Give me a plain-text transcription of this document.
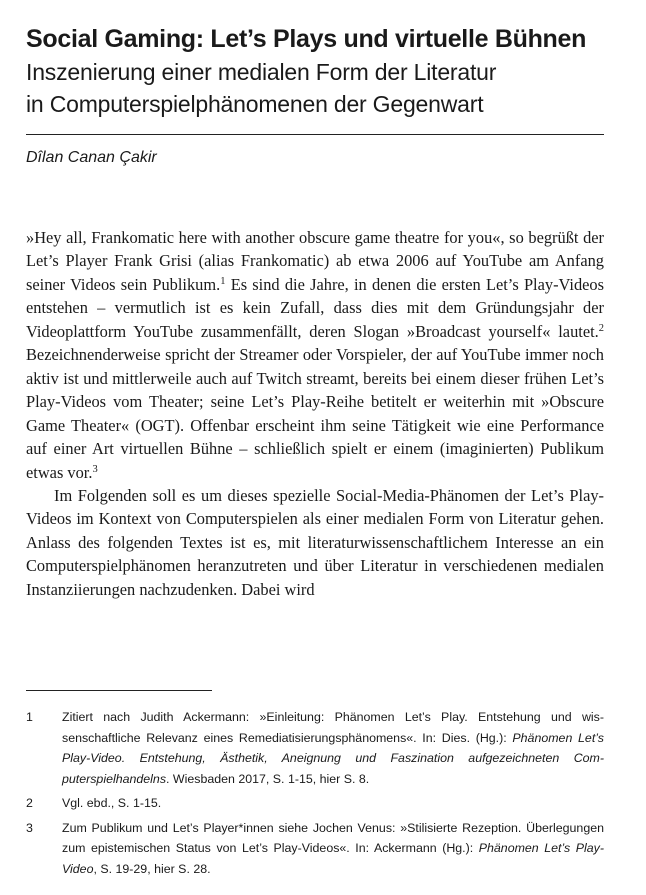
Social Gaming: Let’s Plays und virtuelle Bühnen
Inszenierung einer medialen Form der Literatur
in Computerspielphänomenen der Gegenwart
Dîlan Canan Çakir

»Hey all, Frankomatic here with another obscure game theatre for you«, so begrüßt der Let’s Player Frank Grisi (alias Frankomatic) ab etwa 2006 auf YouTube am Anfang seiner Videos sein Publikum.$^1$ Es sind die Jahre, in denen die ersten Let’s Play-Videos entstehen – vermutlich ist es kein Zufall, dass dies mit dem Gründungsjahr der Videoplattform YouTube zusammenfällt, deren Slogan »Broadcast yourself« lautet.$^2$ Bezeichnenderweise spricht der Streamer oder Vorspieler, der auf YouTube immer noch aktiv ist und mittlerweile auch auf Twitch streamt, bereits bei einem dieser frühen Let’s Play-Videos vom Theater; seine Let’s Play-Reihe betitelt er weiterhin mit »Obscure Game Theater« (OGT). Offenbar erscheint ihm seine Tätigkeit wie eine Performance auf einer Art virtuellen Bühne – schließlich spielt er einem (imaginierten) Publikum etwas vor.$^3$

Im Folgenden soll es um dieses spezielle Social-Media-Phänomen der Let’s Play-Videos im Kontext von Computerspielen als einer medialen Form von Literatur gehen. Anlass des folgenden Textes ist es, mit literaturwissenschaftlichem Interesse an ein Computerspielphänomen heranzutreten und über Literatur in verschiedenen medialen Instanziierungen nachzudenken. Dabei wird

1	Zitiert nach Judith Ackermann: »Einleitung: Phänomen Let’s Play. Entstehung und wissenschaftliche Relevanz eines Remediatisierungsphänomens«. In: Dies. (Hg.): Phänomen Let’s Play-Video. Entstehung, Ästhetik, Aneignung und Faszination aufgezeichneten Computerspielhandelns. Wiesbaden 2017, S. 1-15, hier S. 8.
2	Vgl. ebd., S. 1-15.
3	Zum Publikum und Let’s Player*innen siehe Jochen Venus: »Stilisierte Rezeption. Überlegungen zum epistemischen Status von Let’s Play-Videos«. In: Ackermann (Hg.): Phänomen Let’s Play-Video, S. 19-29, hier S. 28.
